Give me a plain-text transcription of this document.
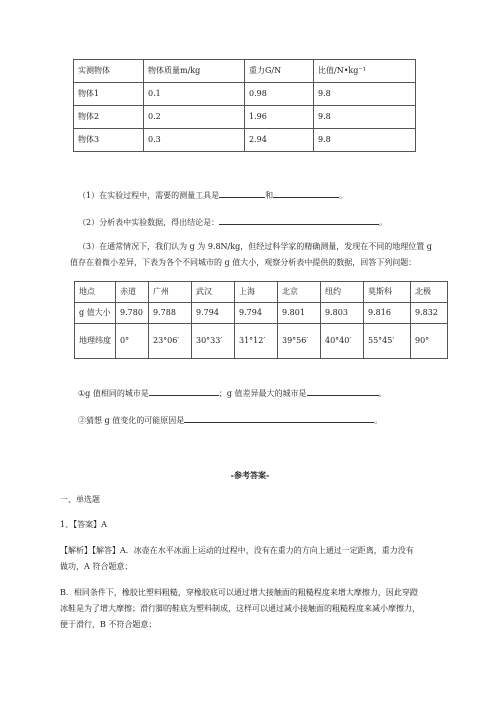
实测物体	物体质量m/kg	重力G/N	比值/N•kg⁻¹
物体1	0.1	0.98	9.8
物体2	0.2	1.96	9.8
物体3	0.3	2.94	9.8
（1）在实验过程中，需要的测量工具是	和	。
（2）分析表中实验数据，得出结论是：	。
（3）在通常情况下，我们认为 g 为 9.8N/kg，但经过科学家的精确测量，发现在不同的地理位置 g
值存在着微小差异，下表为各个不同城市的 g 值大小，观察分析表中提供的数据，回答下列问题：
地点	赤道	广州	武汉	上海	北京	纽约	莫斯科	北极
g 值大小	9.780	9.788	9.794	9.794	9.801	9.803	9.816	9.832
地理纬度	0°	23°06′	30°33′	31°12′	39°56′	40°40′	55°45′	90°
①g 值相同的城市是	；g 值差异最大的城市是	。
②猜想 g 值变化的可能原因是	。
-参考答案-
一、单选题
1、【答案】A
【解析】【解答】A．冰壶在水平冰面上运动的过程中，没有在重力的方向上通过一定距离，重力没有
做功，A 符合题意；
B．相同条件下，橡胶比塑料粗糙，穿橡胶底可以通过增大接触面的粗糙程度来增大摩擦力，因此穿蹬
冰鞋是为了增大摩擦；滑行脚的鞋底为塑料制成，这样可以通过减小接触面的粗糙程度来减小摩擦力，
便于滑行，B 不符合题意；
